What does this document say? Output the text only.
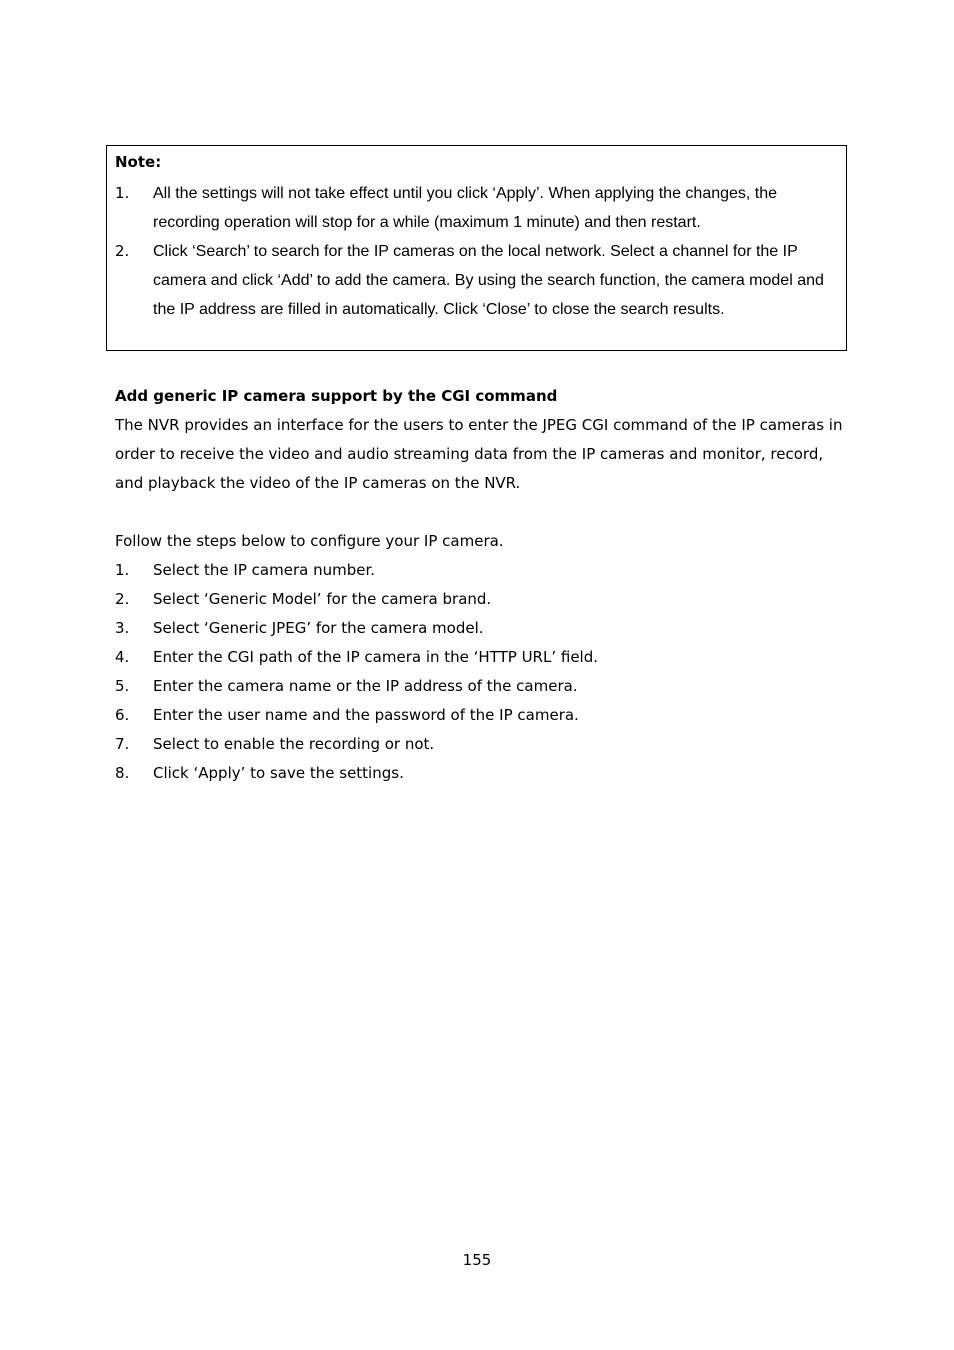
Note:
1. All the settings will not take effect until you click ‘Apply’. When applying the changes, the recording operation will stop for a while (maximum 1 minute) and then restart.
2. Click ‘Search’ to search for the IP cameras on the local network. Select a channel for the IP camera and click ‘Add’ to add the camera. By using the search function, the camera model and the IP address are filled in automatically. Click ‘Close’ to close the search results.
Add generic IP camera support by the CGI command
The NVR provides an interface for the users to enter the JPEG CGI command of the IP cameras in order to receive the video and audio streaming data from the IP cameras and monitor, record, and playback the video of the IP cameras on the NVR.
Follow the steps below to configure your IP camera.
1. Select the IP camera number.
2. Select ‘Generic Model’ for the camera brand.
3. Select ‘Generic JPEG’ for the camera model.
4. Enter the CGI path of the IP camera in the ‘HTTP URL’ field.
5. Enter the camera name or the IP address of the camera.
6. Enter the user name and the password of the IP camera.
7. Select to enable the recording or not.
8. Click ‘Apply’ to save the settings.
155
